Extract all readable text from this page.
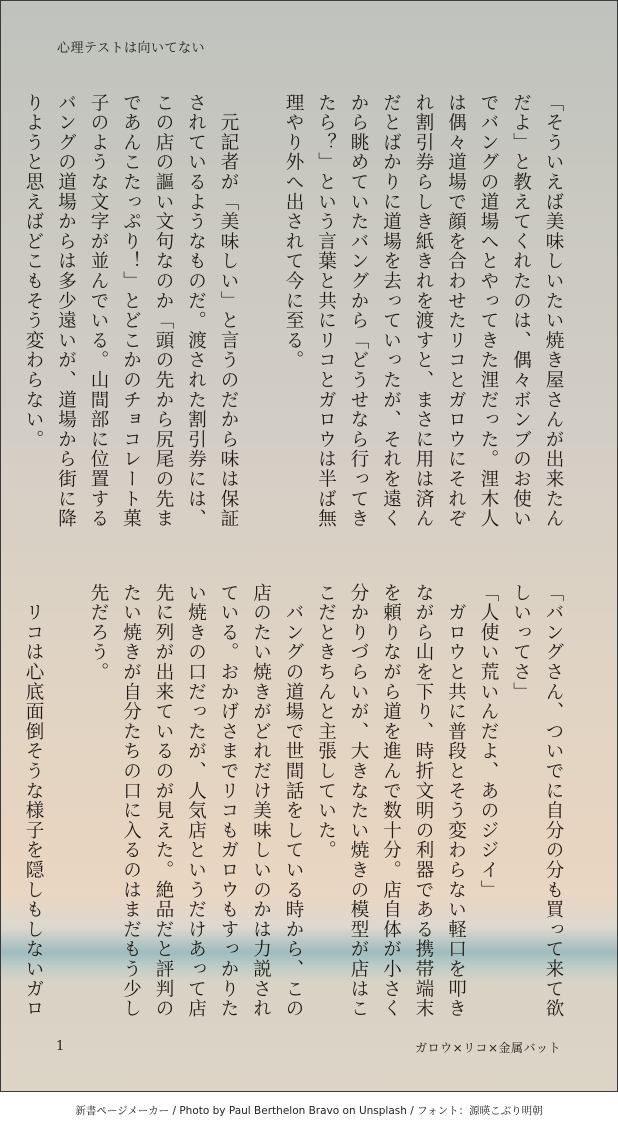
心理テストは向いてない
「そういえば美味しいたい焼き屋さんが出来たん
だよ」と教えてくれたのは、偶々ボンブのお使い
でバングの道場へとやってきた浬だった。浬木人
は偶々道場で顔を合わせたリコとガロウにそれぞ
れ割引券らしき紙きれを渡すと、まさに用は済ん
だとばかりに道場を去っていったが、それを遠く
から眺めていたバングから「どうせなら行ってき
たら？」という言葉と共にリコとガロウは半ば無
理やり外へ出されて今に至る。
　元記者が「美味しい」と言うのだから味は保証
されているようなものだ。渡された割引券には、
この店の謳い文句なのか「頭の先から尻尾の先ま
であんこたっぷり！」とどこかのチョコレート菓
子のような文字が並んでいる。山間部に位置する
バングの道場からは多少遠いが、道場から街に降
りようと思えばどこもそう変わらない。
「バングさん、ついでに自分の分も買って来て欲
しいってさ」
「人使い荒いんだよ、あのジジイ」
　ガロウと共に普段とそう変わらない軽口を叩き
ながら山を下り、時折文明の利器である携帯端末
を頼りながら道を進んで数十分。店自体が小さく
分かりづらいが、大きなたい焼きの模型が店はこ
こだときちんと主張していた。
　バングの道場で世間話をしている時から、この
店のたい焼きがどれだけ美味しいのかは力説され
ている。おかげさまでリコもガロウもすっかりた
い焼きの口だったが、人気店というだけあって店
先に列が出来ているのが見えた。絶品だと評判の
たい焼きが自分たちの口に入るのはまだもう少し
先だろう。
　リコは心底面倒そうな様子を隠しもしないガロ
1	ガロウ×リコ×金属バット
新書ページメーカー / Photo by Paul Berthelon Bravo on Unsplash / フォント：源暎こぶり明朝
